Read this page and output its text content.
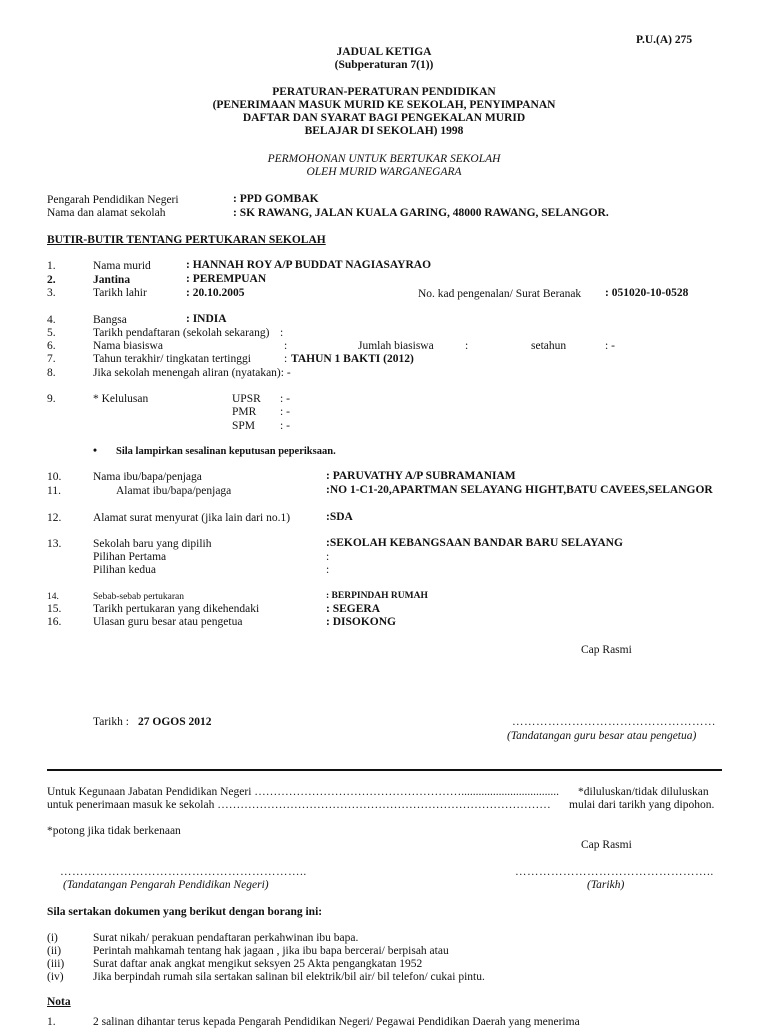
P.U.(A) 275
JADUAL KETIGA
(Subperaturan 7(1))
PERATURAN-PERATURAN PENDIDIKAN
(PENERIMAAN MASUK MURID KE SEKOLAH, PENYIMPANAN
DAFTAR DAN SYARAT BAGI PENGEKALAN MURID
BELAJAR DI SEKOLAH) 1998
PERMOHONAN UNTUK BERTUKAR SEKOLAH
OLEH MURID WARGANEGARA
Pengarah Pendidikan Negeri	: PPD GOMBAK
Nama dan alamat sekolah	: SK RAWANG, JALAN KUALA GARING, 48000 RAWANG, SELANGOR.
BUTIR-BUTIR TENTANG PERTUKARAN SEKOLAH
1.	Nama murid	: HANNAH ROY A/P BUDDAT NAGIASAYRAO
2.	Jantina	: PEREMPUAN
3.	Tarikh lahir	: 20.10.2005	No. kad pengenalan/ Surat Beranak : 051020-10-0528
4.	Bangsa	: INDIA
5.	Tarikh pendaftaran (sekolah sekarang) :
6.	Nama biasiswa	:	Jumlah biasiswa	:	setahun	: -
7.	Tahun terakhir/ tingkatan tertinggi	: TAHUN 1 BAKTI (2012)
8.	Jika sekolah menengah aliran (nyatakan): -
9.	* Kelulusan	UPSR : -
PMR : -
SPM : -
• Sila lampirkan sesalinan keputusan peperiksaan.
10.	Nama ibu/bapa/penjaga	: PARUVATHY A/P SUBRAMANIAM
11.	Alamat ibu/bapa/penjaga	:NO 1-C1-20,APARTMAN SELAYANG HIGHT,BATU CAVEES,SELANGOR
12.	Alamat surat menyurat (jika lain dari no.1)	:SDA
13.	Sekolah baru yang dipilih	:SEKOLAH KEBANGSAAN BANDAR BARU SELAYANG
Pilihan Pertama	:
Pilihan kedua	:
14.	Sebab-sebab pertukaran	: BERPINDAH RUMAH
15.	Tarikh pertukaran yang dikehendaki	: SEGERA
16.	Ulasan guru besar atau pengetua	: DISOKONG
Cap Rasmi
Tarikh : 27 OGOS 2012	……………………………………………
(Tandatangan guru besar atau pengetua)
Untuk Kegunaan Jabatan Pendidikan Negeri ………………………………………………..................................	*diluluskan/tidak diluluskan
untuk penerimaan masuk ke sekolah ……………………………………………………………………………	mulai dari tarikh yang dipohon.
*potong jika tidak berkenaan
Cap Rasmi
……………………………………………………..	…………………………………………..
(Tandatangan Pengarah Pendidikan Negeri)	(Tarikh)
Sila sertakan dokumen yang berikut dengan borang ini:
(i)	Surat nikah/ perakuan pendaftaran perkahwinan ibu bapa.
(ii)	Perintah mahkamah tentang hak jagaan , jika ibu bapa bercerai/ berpisah atau
(iii)	Surat daftar anak angkat mengikut seksyen 25 Akta pengangkatan 1952
(iv)	Jika berpindah rumah sila sertakan salinan bil elektrik/bil air/ bil telefon/ cukai pintu.
Nota
1.	2 salinan dihantar terus kepada Pengarah Pendidikan Negeri/ Pegawai Pendidikan Daerah yang menerima
